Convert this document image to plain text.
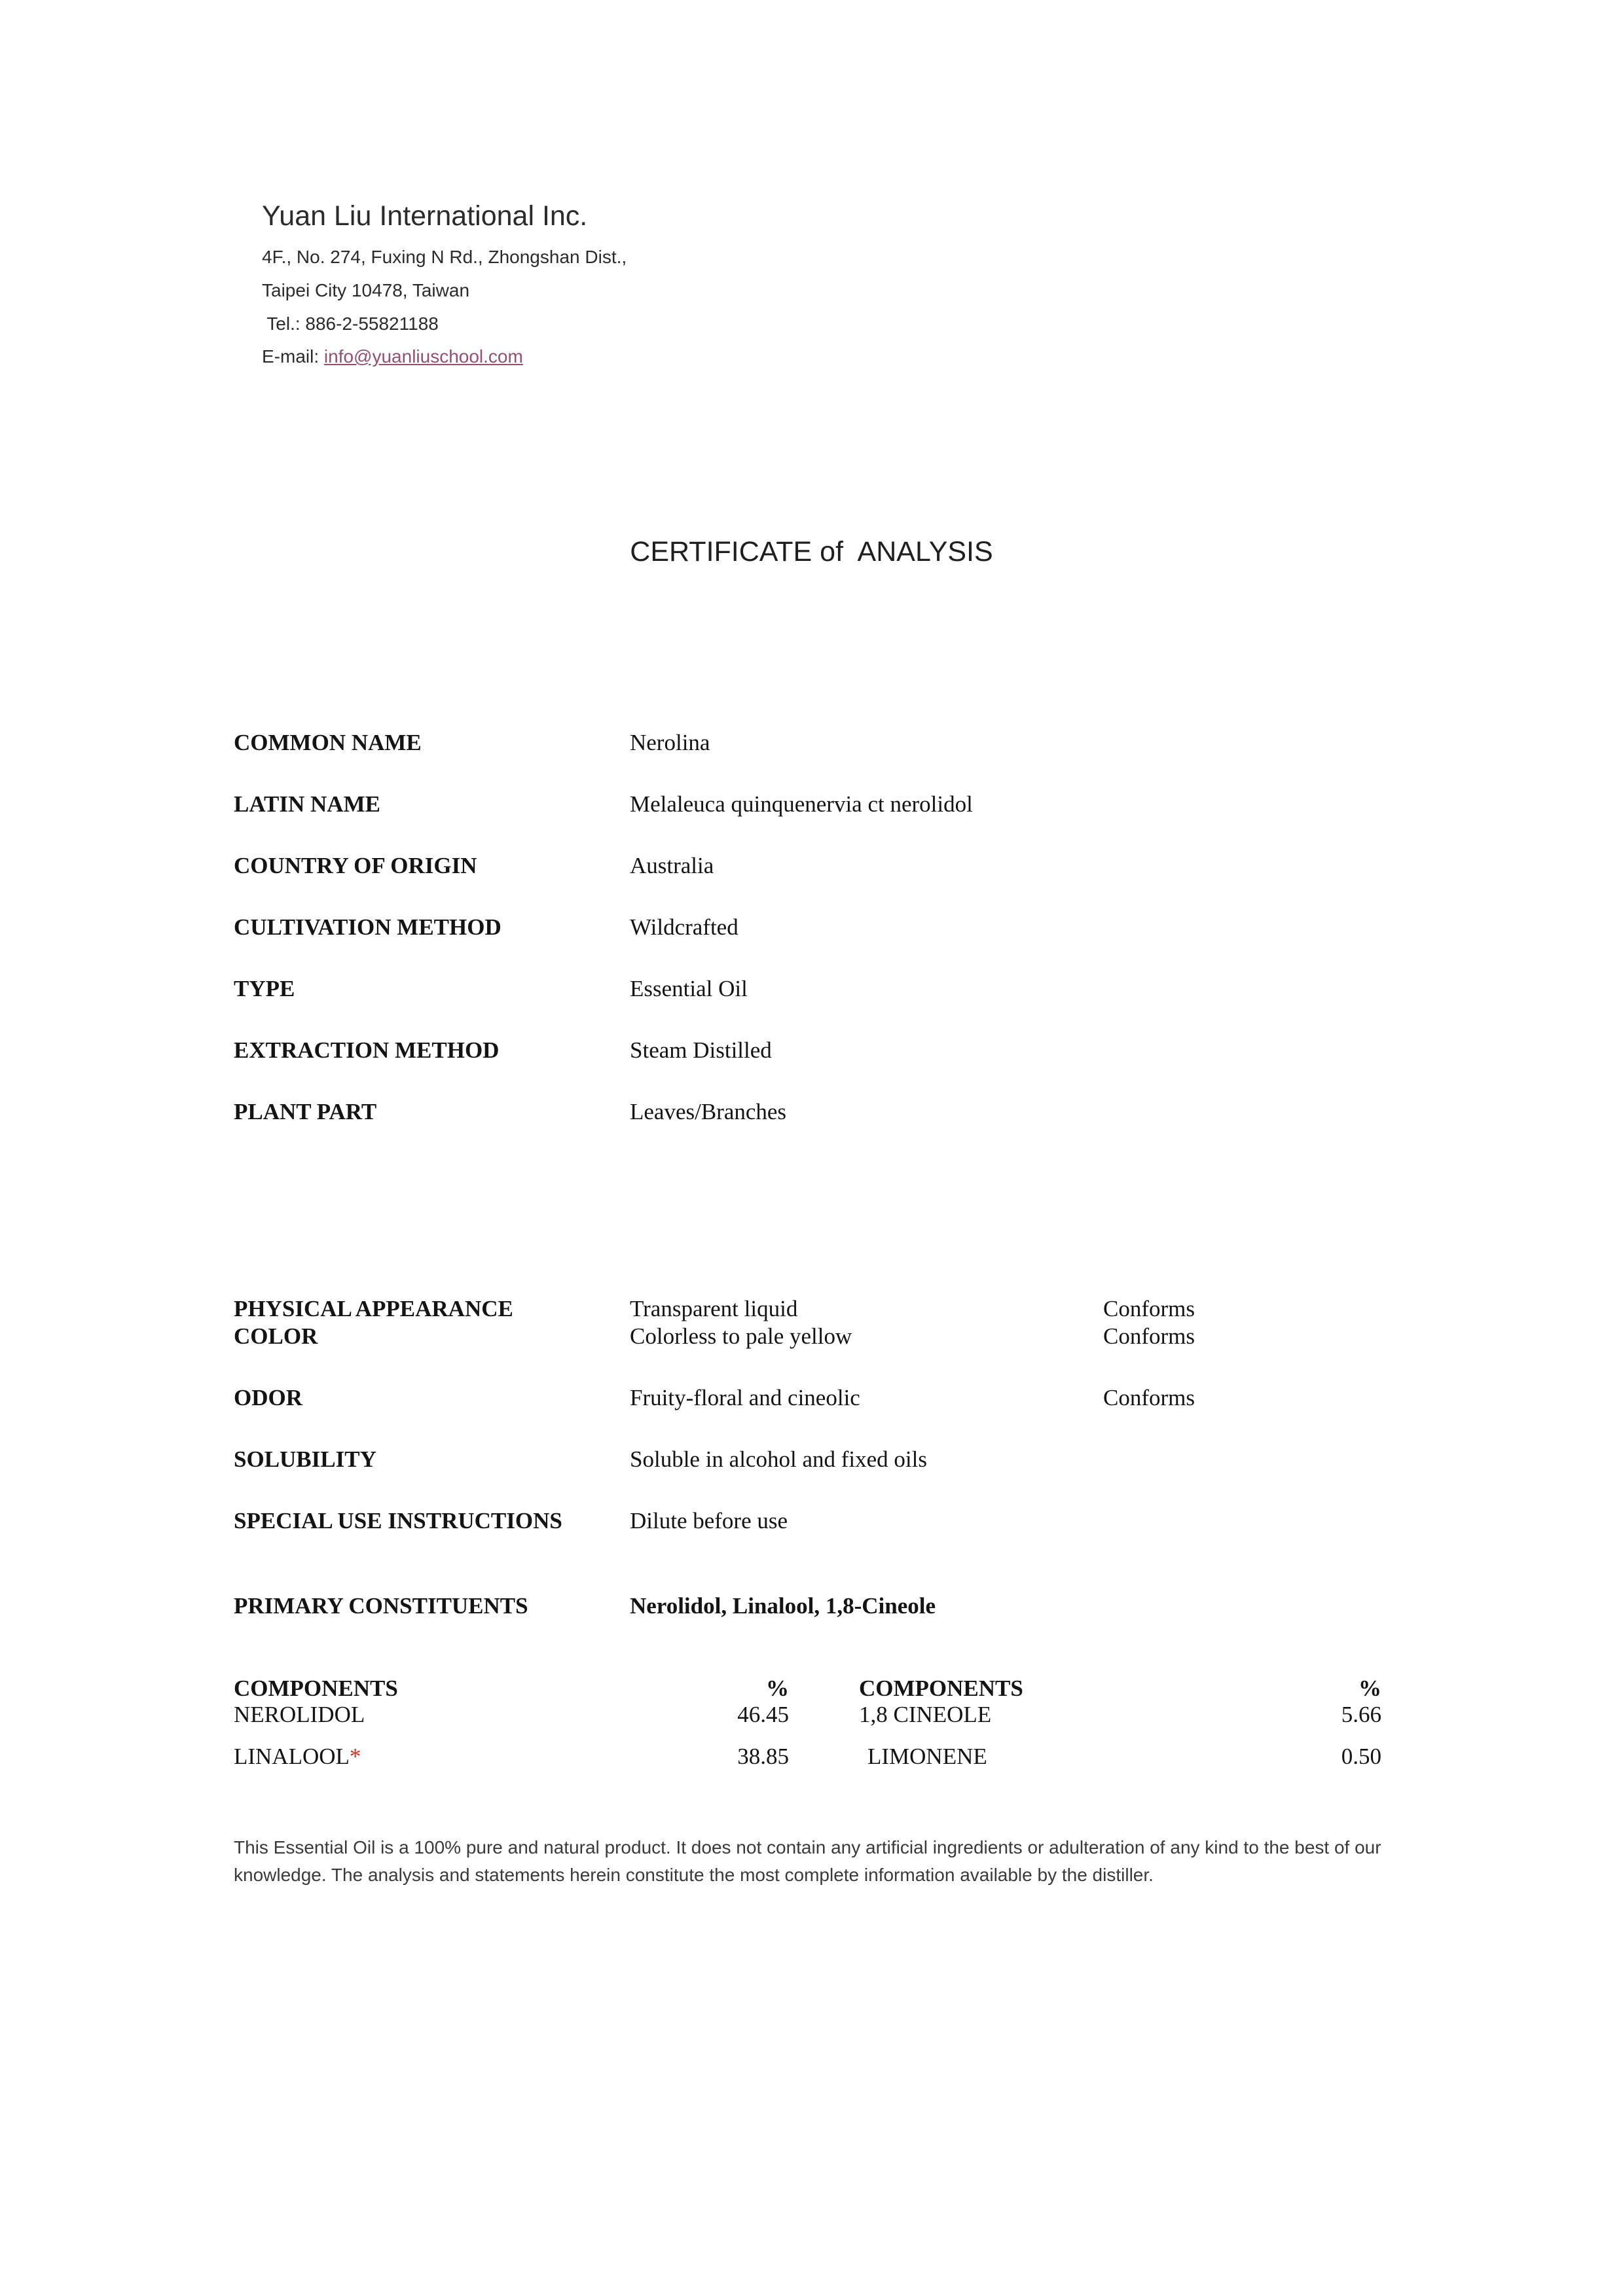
Yuan Liu International Inc.
4F., No. 274, Fuxing N Rd., Zhongshan Dist.,
Taipei City 10478, Taiwan
Tel.: 886-2-55821188
E-mail: info@yuanliuschool.com
CERTIFICATE of  ANALYSIS
COMMON NAME	Nerolina
LATIN NAME	Melaleuca quinquenervia ct nerolidol
COUNTRY OF ORIGIN	Australia
CULTIVATION METHOD	Wildcrafted
TYPE	Essential Oil
EXTRACTION METHOD	Steam Distilled
PLANT PART	Leaves/Branches
PHYSICAL APPEARANCE	Transparent liquid	Conforms
COLOR	Colorless to pale yellow	Conforms
ODOR	Fruity-floral and cineolic	Conforms
SOLUBILITY	Soluble in alcohol and fixed oils
SPECIAL USE INSTRUCTIONS	Dilute before use
PRIMARY CONSTITUENTS	Nerolidol, Linalool, 1,8-Cineole
COMPONENTS	%	COMPONENTS	%
NEROLIDOL	46.45	1,8 CINEOLE	5.66
LINALOOL*	38.85	LIMONENE	0.50
This Essential Oil is a 100% pure and natural product. It does not contain any artificial ingredients or adulteration of any kind to the best of our
knowledge. The analysis and statements herein constitute the most complete information available by the distiller.
